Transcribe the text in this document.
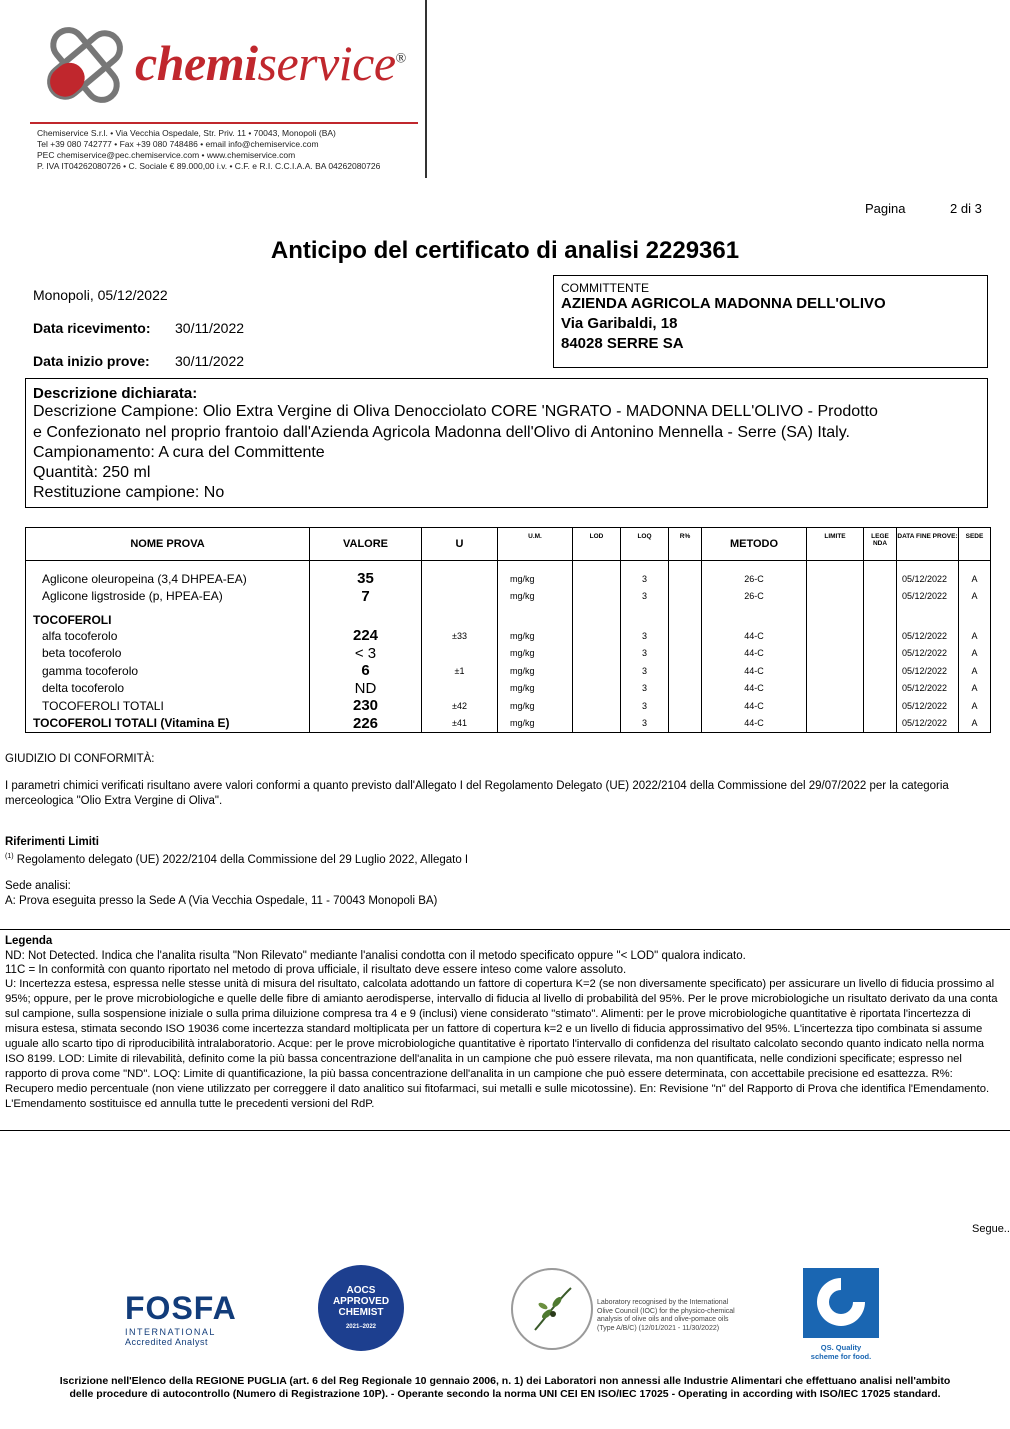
chemiservice®
Chemiservice S.r.l. • Via Vecchia Ospedale, Str. Priv. 11 • 70043, Monopoli (BA)
Tel +39 080 742777 • Fax +39 080 748486 • email info@chemiservice.com
PEC chemiservice@pec.chemiservice.com • www.chemiservice.com
P. IVA IT04262080726 • C. Sociale € 89.000,00 i.v. • C.F. e R.I. C.C.I.A.A. BA 04262080726
Pagina	2 di 3
Anticipo del certificato di analisi 2229361
Monopoli, 05/12/2022
Data ricevimento: 30/11/2022
Data inizio prove: 30/11/2022
COMMITTENTE
AZIENDA AGRICOLA MADONNA DELL'OLIVO
Via Garibaldi, 18
84028 SERRE SA
Descrizione dichiarata:
Descrizione Campione: Olio Extra Vergine di Oliva Denocciolato CORE 'NGRATO - MADONNA DELL'OLIVO - Prodotto
e Confezionato nel proprio frantoio dall'Azienda Agricola Madonna dell'Olivo di Antonino Mennella - Serre (SA) Italy.
Campionamento: A cura del Committente
Quantità: 250 ml
Restituzione campione: No
NOME PROVA	VALORE	U	U.M.	LOD	LOQ	R%	METODO	LIMITE	LEGE NDA	DATA FINE PROVE:	SEDE

Aglicone oleuropeina (3,4 DHPEA-EA)	35		mg/kg		3		26-C			05/12/2022	A
Aglicone ligstroside (p, HPEA-EA)	7		mg/kg		3		26-C			05/12/2022	A
TOCOFEROLI											
alfa tocoferolo	224	±33	mg/kg		3		44-C			05/12/2022	A
beta tocoferolo	< 3		mg/kg		3		44-C			05/12/2022	A
gamma tocoferolo	6	±1	mg/kg		3		44-C			05/12/2022	A
delta tocoferolo	ND		mg/kg		3		44-C			05/12/2022	A
TOCOFEROLI TOTALI	230	±42	mg/kg		3		44-C			05/12/2022	A
TOCOFEROLI TOTALI (Vitamina E)	226	±41	mg/kg		3		44-C			05/12/2022	A
GIUDIZIO DI CONFORMITÀ:
I parametri chimici verificati risultano avere valori conformi a quanto previsto dall'Allegato I del Regolamento Delegato (UE) 2022/2104 della Commissione del 29/07/2022 per la categoria merceologica "Olio Extra Vergine di Oliva".
Riferimenti Limiti
$^{(1)}$ Regolamento delegato (UE) 2022/2104 della Commissione del 29 Luglio 2022, Allegato I
Sede analisi:
A: Prova eseguita presso la Sede A (Via Vecchia Ospedale, 11 - 70043 Monopoli BA)
Legenda
ND: Not Detected. Indica che l'analita risulta "Non Rilevato" mediante l'analisi condotta con il metodo specificato oppure "< LOD" qualora indicato.
11C = In conformità con quanto riportato nel metodo di prova ufficiale, il risultato deve essere inteso come valore assoluto.
U: Incertezza estesa, espressa nelle stesse unità di misura del risultato, calcolata adottando un fattore di copertura K=2 (se non diversamente specificato) per assicurare un livello di fiducia prossimo al 95%; oppure, per le prove microbiologiche e quelle delle fibre di amianto aerodisperse, intervallo di fiducia al livello di probabilità del 95%. Per le prove microbiologiche un risultato derivato da una conta sul campione, sulla sospensione iniziale o sulla prima diluizione compresa tra 4 e 9 (inclusi) viene considerato "stimato". Alimenti: per le prove microbiologiche quantitative è riportata l'incertezza di misura estesa, stimata secondo ISO 19036 come incertezza standard moltiplicata per un fattore di copertura k=2 e un livello di fiducia approssimativo del 95%. L'incertezza tipo combinata si assume uguale allo scarto tipo di riproducibilità intralaboratorio. Acque: per le prove microbiologiche quantitative è riportato l'intervallo di confidenza del risultato calcolato secondo quanto indicato nella norma ISO 8199. LOD: Limite di rilevabilità, definito come la più bassa concentrazione dell'analita in un campione che può essere rilevata, ma non quantificata, nelle condizioni specificate; espresso nel rapporto di prova come "ND". LOQ: Limite di quantificazione, la più bassa concentrazione dell'analita in un campione che può essere determinata, con accettabile precisione ed esattezza. R%: Recupero medio percentuale (non viene utilizzato per correggere il dato analitico sui fitofarmaci, sui metalli e sulle micotossine). En: Revisione "n" del Rapporto di Prova che identifica l'Emendamento. L'Emendamento sostituisce ed annulla tutte le precedenti versioni del RdP.
Segue..
FOSFA
INTERNATIONAL
Accredited Analyst
AOCS
APPROVED
CHEMIST
2021–2022
Laboratory recognised by the International Olive Council (IOC) for the physico-chemical analysis of olive oils and olive-pomace oils (Type A/B/C) (12/01/2021 - 11/30/2022)
QS. Quality
scheme for food.
Iscrizione nell'Elenco della REGIONE PUGLIA (art. 6 del Reg Regionale 10 gennaio 2006, n. 1) dei Laboratori non annessi alle Industrie Alimentari che effettuano analisi nell'ambito
delle procedure di autocontrollo (Numero di Registrazione 10P). - Operante secondo la norma UNI CEI EN ISO/IEC 17025 - Operating in according with ISO/IEC 17025 standard.
